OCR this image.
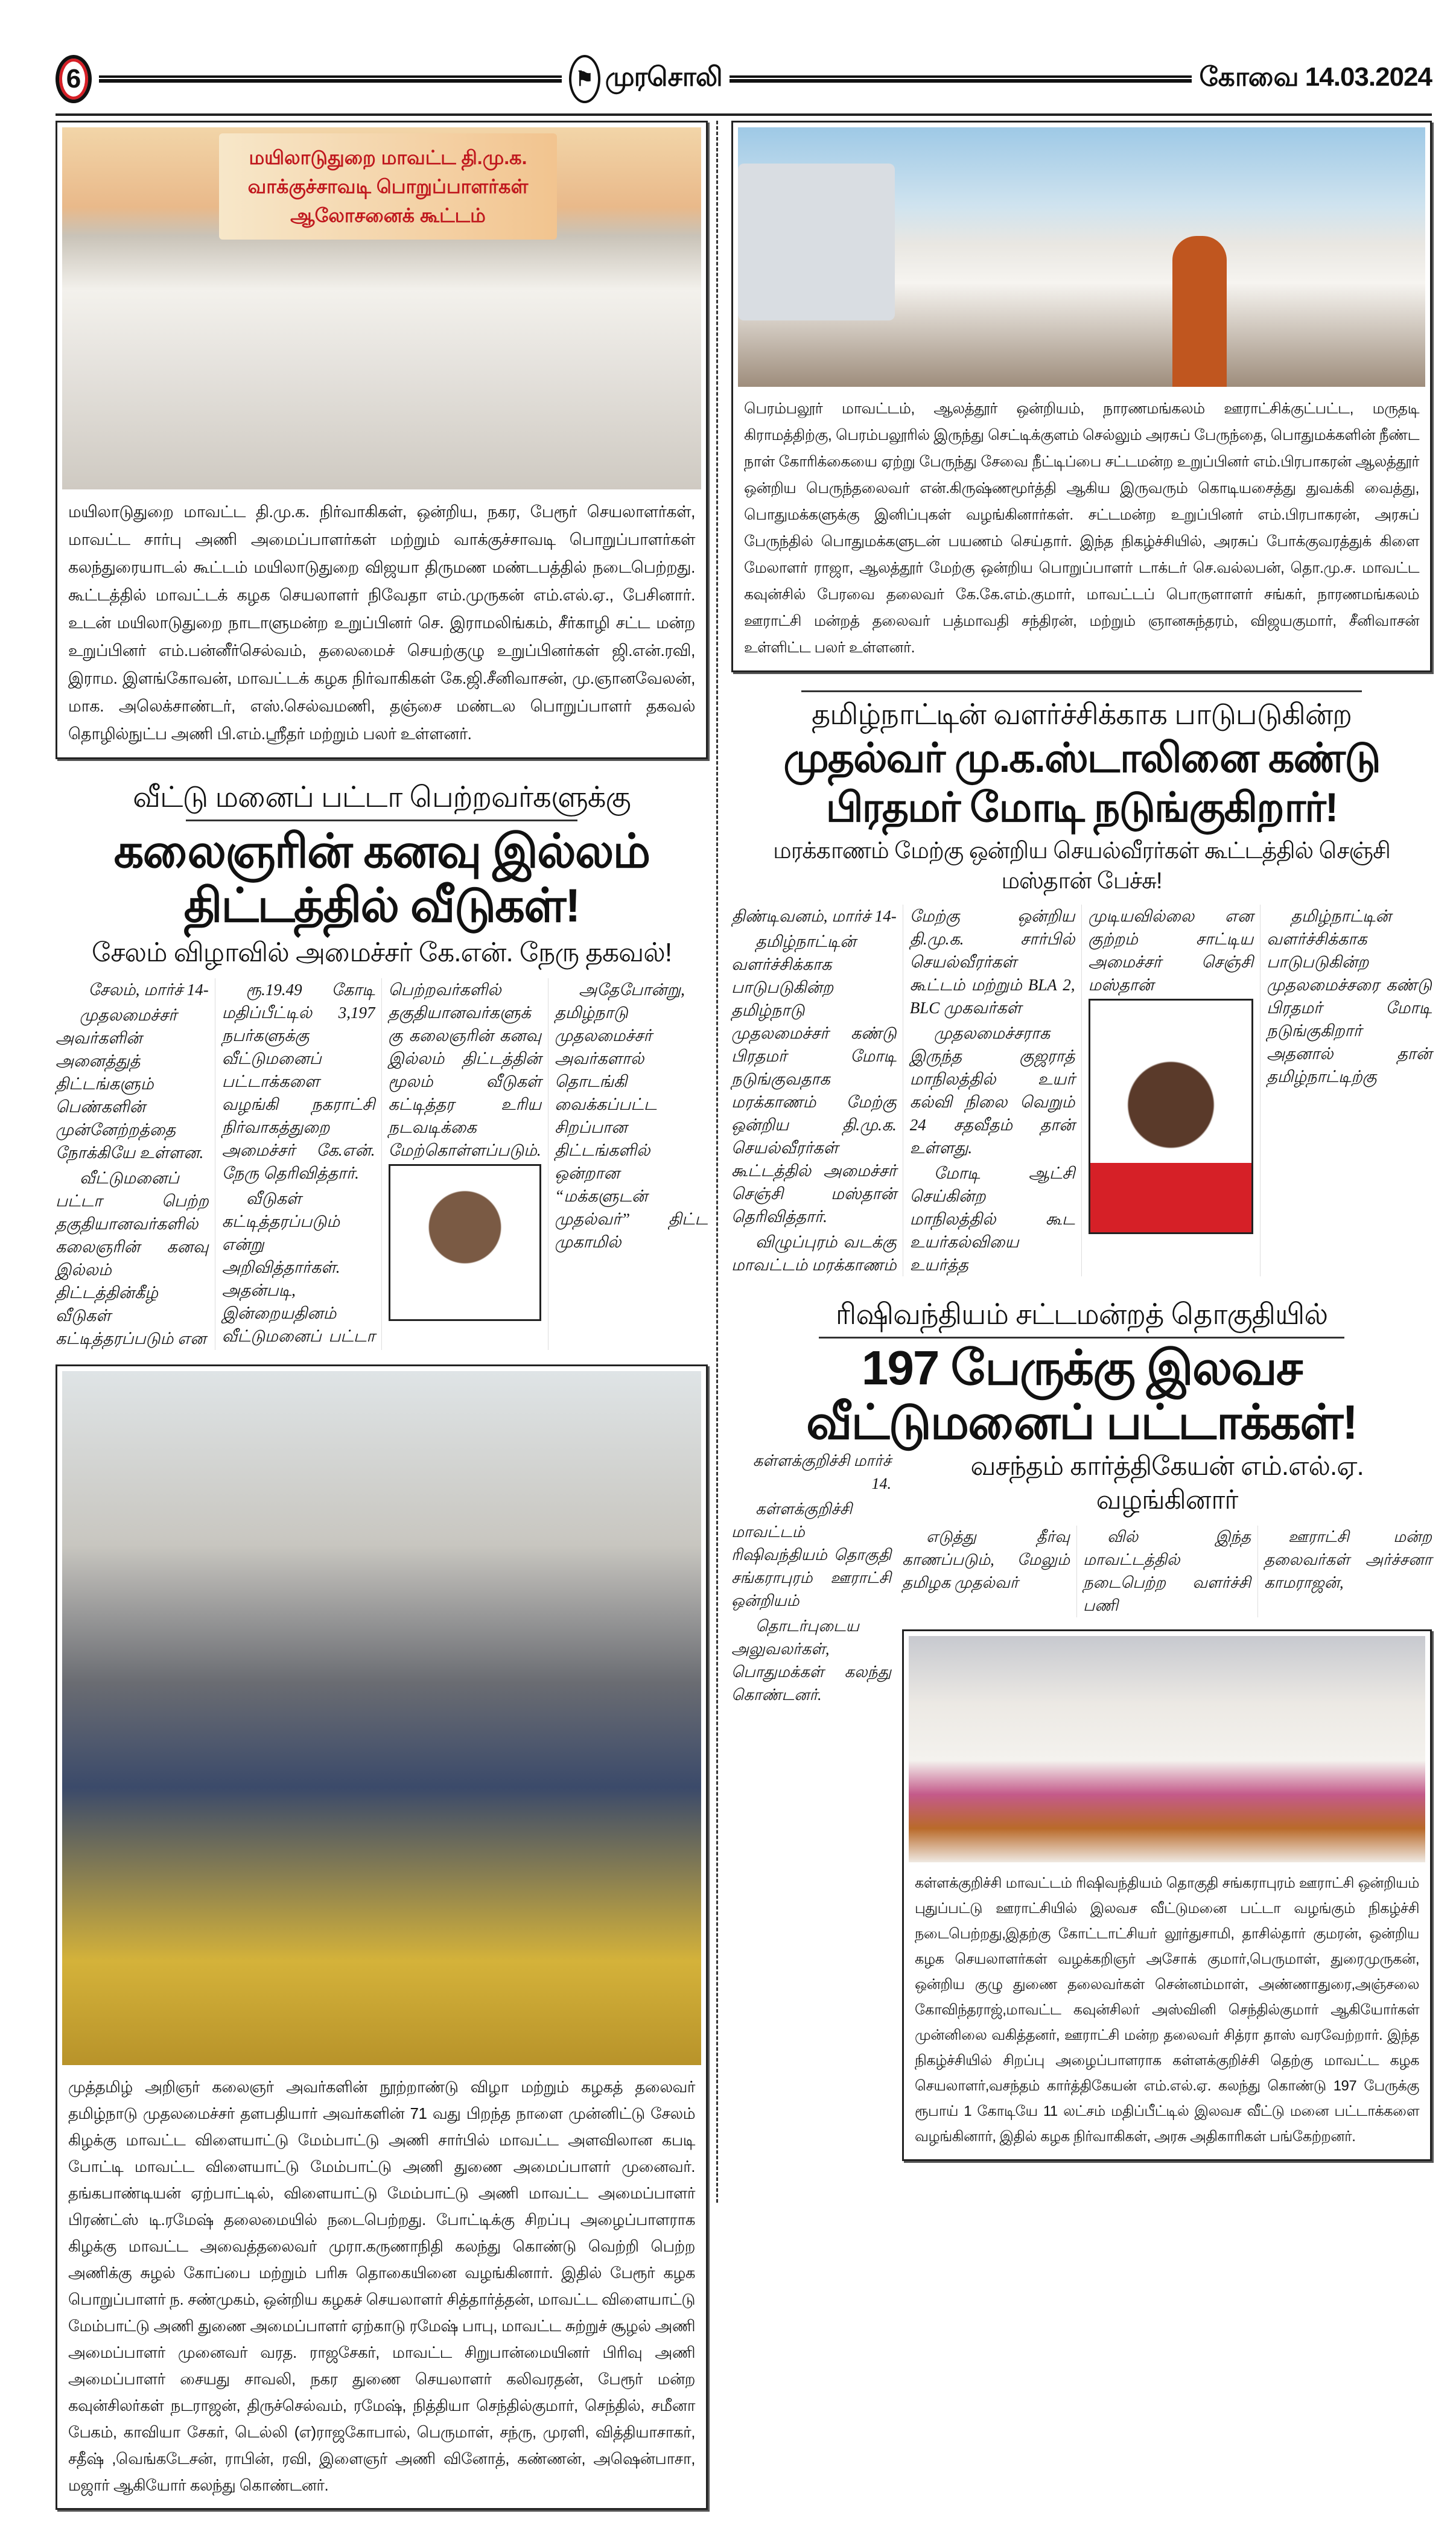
6	⚑ முரசொலி	கோவை 14.03.2024
மயிலாடுதுறை மாவட்ட தி.மு.க. வாக்குச்சாவடி பொறுப்பாளர்கள் ஆலோசனைக் கூட்டம்
மயிலாடுதுறை மாவட்ட தி.மு.க. நிர்வாகிகள், ஒன்றிய, நகர, பேரூர் செயலாளர்கள், மாவட்ட சார்பு அணி அமைப்பாளர்கள் மற்றும் வாக்குச்சாவடி பொறுப்பாளர்கள் கலந்துரையாடல் கூட்டம் மயிலாடுதுறை விஜயா திருமண மண்டபத்தில் நடைபெற்றது. கூட்டத்தில் மாவட்டக் கழக செயலாளர் நிவேதா எம்.முருகன் எம்.எல்.ஏ., பேசினார். உடன் மயிலாடுதுறை நாடாளுமன்ற உறுப்பினர் செ. இராமலிங்கம், சீர்காழி சட்ட மன்ற உறுப்பினர் எம்.பன்னீர்செல்வம், தலைமைச் செயற்குழு உறுப்பினர்கள் ஜி.என்.ரவி, இராம. இளங்கோவன், மாவட்டக் கழக நிர்வாகிகள் கே.ஜி.சீனிவாசன், மு.ஞானவேலன், மாக. அலெக்சாண்டர், எஸ்.செல்வமணி, தஞ்சை மண்டல பொறுப்பாளர் தகவல் தொழில்நுட்ப அணி பி.எம்.ஸ்ரீதர் மற்றும் பலர் உள்ளனர்.
வீட்டு மனைப் பட்டா பெற்றவர்களுக்கு
கலைஞரின் கனவு இல்லம் திட்டத்தில் வீடுகள்!
சேலம் விழாவில் அமைச்சர் கே.என். நேரு தகவல்!

சேலம், மார்ச் 14-

முதலமைச்சர் அவர்களின் அனைத்துத் திட்டங்களும் பெண்களின் முன்னேற்றத்தை நோக்கியே உள்ளன.

வீட்டுமனைப் பட்டா பெற்ற தகுதியானவர்களில் கலைஞரின் கனவு இல்லம் திட்டத்தின்கீழ் வீடுகள் கட்டித்தரப்படும் என

ரூ.19.49 கோடி மதிப்பீட்டில் 3,197 நபர்களுக்கு வீட்டுமனைப் பட்டாக்களை வழங்கி நகராட்சி நிர்வாகத்துறை அமைச்சர் கே.என். நேரு தெரிவித்தார்.

வீடுகள் கட்டித்தரப்படும் என்று அறிவித்தார்கள். அதன்படி, இன்றையதினம் வீட்டுமனைப் பட்டா பெற்றவர்களில் தகுதியானவர்களுக்கு கலைஞரின் கனவு இல்லம் திட்டத்தின் மூலம் வீடுகள் கட்டித்தர உரிய நடவடிக்கை மேற்கொள்ளப்படும்.

அதேபோன்று, தமிழ்நாடு முதலமைச்சர் அவர்களால் தொடங்கி வைக்கப்பட்ட சிறப்பான திட்டங்களில் ஒன்றான “மக்களுடன் முதல்வர்” திட்ட முகாமில்

முத்தமிழ் அறிஞர் கலைஞர் அவர்களின் நூற்றாண்டு விழா மற்றும் கழகத் தலைவர் தமிழ்நாடு முதலமைச்சர் தளபதியார் அவர்களின் 71 வது பிறந்த நாளை முன்னிட்டு சேலம் கிழக்கு மாவட்ட விளையாட்டு மேம்பாட்டு அணி சார்பில் மாவட்ட அளவிலான கபடி போட்டி மாவட்ட விளையாட்டு மேம்பாட்டு அணி துணை அமைப்பாளர் முனைவர். தங்கபாண்டியன் ஏற்பாட்டில், விளையாட்டு மேம்பாட்டு அணி மாவட்ட அமைப்பாளர் பிரண்ட்ஸ் டி.ரமேஷ் தலைமையில் நடைபெற்றது. போட்டிக்கு சிறப்பு அழைப்பாளராக கிழக்கு மாவட்ட அவைத்தலைவர் முரா.கருணாநிதி கலந்து கொண்டு வெற்றி பெற்ற அணிக்கு சுழல் கோப்பை மற்றும் பரிசு தொகையினை வழங்கினார். இதில் பேரூர் கழக பொறுப்பாளர் ந. சண்முகம், ஒன்றிய கழகச் செயலாளர் சித்தார்த்தன், மாவட்ட விளையாட்டு மேம்பாட்டு அணி துணை அமைப்பாளர் ஏற்காடு ரமேஷ் பாபு, மாவட்ட சுற்றுச் சூழல் அணி அமைப்பாளர் முனைவர் வரத. ராஜசேகர், மாவட்ட சிறுபான்மையினர் பிரிவு அணி அமைப்பாளர் சையது சாவலி, நகர துணை செயலாளர் கலிவரதன், பேரூர் மன்ற கவுன்சிலர்கள் நடராஜன், திருச்செல்வம், ரமேஷ், நித்தியா செந்தில்குமார், செந்தில், சமீனா பேகம், காவியா சேகர், டெல்லி (எ)ராஜகோபால், பெருமாள், சந்ரு, முரளி, வித்தியாசாகர், சதீஷ் ,வெங்கடேசன், ராபின், ரவி, இளைஞர் அணி வினோத், கண்ணன், அஷென்பாசா, மஜார் ஆகியோர் கலந்து கொண்டனர்.
பெரம்பலூர் மாவட்டம், ஆலத்தூர் ஒன்றியம், நாரணமங்கலம் ஊராட்சிக்குட்பட்ட, மருதடி கிராமத்திற்கு, பெரம்பலூரில் இருந்து செட்டிக்குளம் செல்லும் அரசுப் பேருந்தை, பொதுமக்களின் நீண்ட நாள் கோரிக்கையை ஏற்று பேருந்து சேவை நீட்டிப்பை சட்டமன்ற உறுப்பினர் எம்.பிரபாகரன் ஆலத்தூர் ஒன்றிய பெருந்தலைவர் என்.கிருஷ்ணமூர்த்தி ஆகிய இருவரும் கொடியசைத்து துவக்கி வைத்து, பொதுமக்களுக்கு இனிப்புகள் வழங்கினார்கள். சட்டமன்ற உறுப்பினர் எம்.பிரபாகரன், அரசுப் பேருந்தில் பொதுமக்களுடன் பயணம் செய்தார். இந்த நிகழ்ச்சியில், அரசுப் போக்குவரத்துக் கிளை மேலாளர் ராஜா, ஆலத்தூர் மேற்கு ஒன்றிய பொறுப்பாளர் டாக்டர் செ.வல்லபன், தொ.மு.ச. மாவட்ட கவுன்சில் பேரவை தலைவர் கே.கே.எம்.குமார், மாவட்டப் பொருளாளர் சங்கர், நாரணமங்கலம் ஊராட்சி மன்றத் தலைவர் பத்மாவதி சந்திரன், மற்றும் ஞானசுந்தரம், விஜயகுமார், சீனிவாசன் உள்ளிட்ட பலர் உள்ளனர்.
தமிழ்நாட்டின் வளர்ச்சிக்காக பாடுபடுகின்ற
முதல்வர் மு.க.ஸ்டாலினை கண்டு பிரதமர் மோடி நடுங்குகிறார்!
மரக்காணம் மேற்கு ஒன்றிய செயல்வீரர்கள் கூட்டத்தில் செஞ்சி மஸ்தான் பேச்சு!

திண்டிவனம், மார்ச் 14-

தமிழ்நாட்டின் வளர்ச்சிக்காக பாடுபடுகின்ற தமிழ்நாடு முதலமைச்சர் கண்டு பிரதமர் மோடி நடுங்குவதாக மரக்காணம் மேற்கு ஒன்றிய தி.மு.க. செயல்வீரர்கள் கூட்டத்தில் அமைச்சர் செஞ்சி மஸ்தான் தெரிவித்தார்.

விழுப்புரம் வடக்கு மாவட்டம் மரக்காணம் மேற்கு ஒன்றிய தி.மு.க. சார்பில் செயல்வீரர்கள் கூட்டம் மற்றும் BLA 2, BLC முகவர்கள்

முதலமைச்சராக இருந்த குஜராத் மாநிலத்தில் உயர் கல்வி நிலை வெறும் 24 சதவீதம் தான் உள்ளது.

மோடி ஆட்சி செய்கின்ற மாநிலத்தில் கூட உயர்கல்வியை உயர்த்த முடியவில்லை என குற்றம் சாட்டிய அமைச்சர் செஞ்சி மஸ்தான்

தமிழ்நாட்டின் வளர்ச்சிக்காக பாடுபடுகின்ற முதலமைச்சரை கண்டு பிரதமர் மோடி நடுங்குகிறார் அதனால் தான் தமிழ்நாட்டிற்கு

ரிஷிவந்தியம் சட்டமன்றத் தொகுதியில்
197 பேருக்கு இலவச வீட்டுமனைப் பட்டாக்கள்!

கள்ளக்குறிச்சி மார்ச் 14.

கள்ளக்குறிச்சி மாவட்டம் ரிஷிவந்தியம் தொகுதி சங்கராபுரம் ஊராட்சி ஒன்றியம்

தொடர்புடைய அலுவலர்கள், பொதுமக்கள் கலந்து கொண்டனர்.

வசந்தம் கார்த்திகேயன் எம்.எல்.ஏ. வழங்கினார்

எடுத்து தீர்வு காணப்படும், மேலும் தமிழக முதல்வர்

வில் இந்த மாவட்டத்தில் நடைபெற்ற வளர்ச்சி பணி

ஊராட்சி மன்ற தலைவர்கள் அர்ச்சனா காமராஜன்,

கள்ளக்குறிச்சி மாவட்டம் ரிஷிவந்தியம் தொகுதி சங்கராபுரம் ஊராட்சி ஒன்றியம் புதுப்பட்டு ஊராட்சியில் இலவச வீட்டுமனை பட்டா வழங்கும் நிகழ்ச்சி நடைபெற்றது,இதற்கு கோட்டாட்சியர் லூர்துசாமி, தாசில்தார் குமரன், ஒன்றிய கழக செயலாளர்கள் வழக்கறிஞர் அசோக் குமார்,பெருமாள், துரைமுருகன், ஒன்றிய குழு துணை தலைவர்கள் சென்னம்மாள், அண்ணாதுரை,அஞ்சலை கோவிந்தராஜ்,மாவட்ட கவுன்சிலர் அஸ்வினி செந்தில்குமார் ஆகியோர்கள் முன்னிலை வகித்தனர், ஊராட்சி மன்ற தலைவர் சித்ரா தாஸ் வரவேற்றார். இந்த நிகழ்ச்சியில் சிறப்பு அழைப்பாளராக கள்ளக்குறிச்சி தெற்கு மாவட்ட கழக செயலாளர்,வசந்தம் கார்த்திகேயன் எம்.எல்.ஏ. கலந்து கொண்டு 197 பேருக்கு ரூபாய் 1 கோடியே 11 லட்சம் மதிப்பீட்டில் இலவச வீட்டு மனை பட்டாக்களை வழங்கினார், இதில் கழக நிர்வாகிகள், அரசு அதிகாரிகள் பங்கேற்றனர்.
